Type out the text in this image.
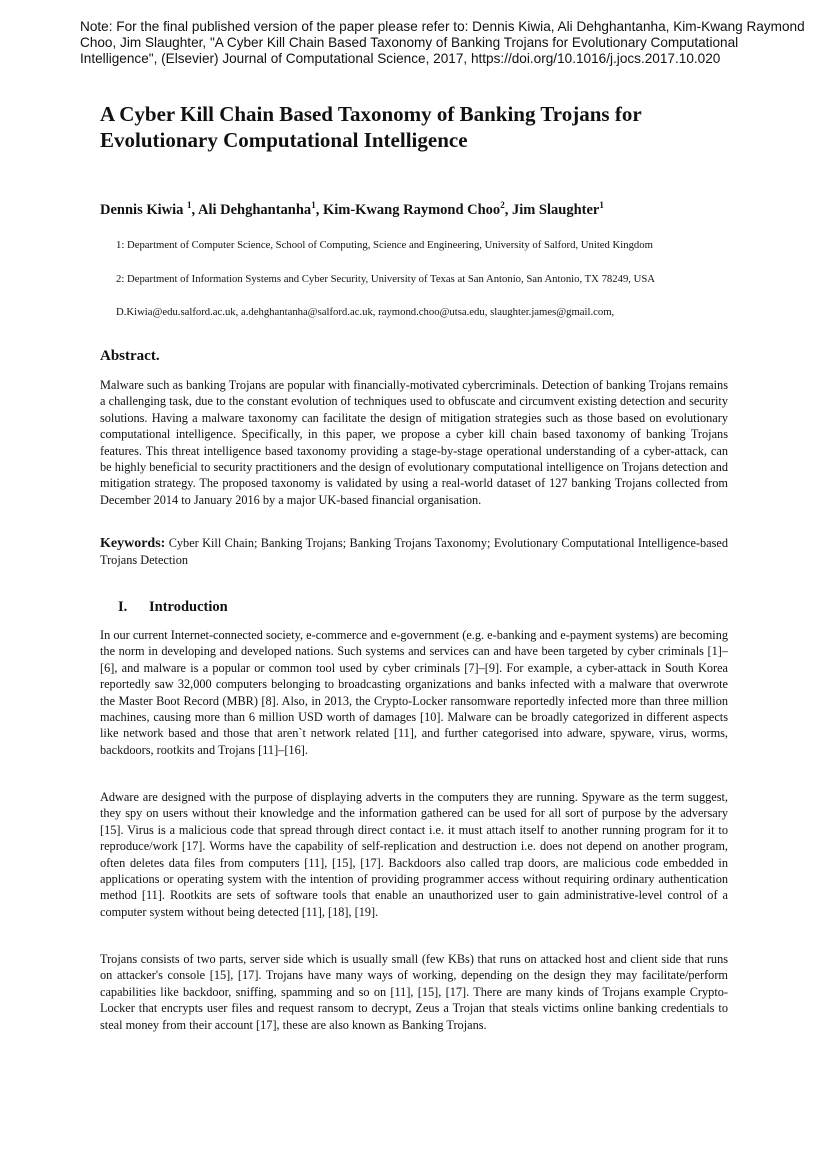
Note: For the final published version of the paper please refer to: Dennis Kiwia, Ali Dehghantanha, Kim-Kwang Raymond
Choo, Jim Slaughter, "A Cyber Kill Chain Based Taxonomy of Banking Trojans for Evolutionary Computational
Intelligence", (Elsevier) Journal of Computational Science, 2017, https://doi.org/10.1016/j.jocs.2017.10.020
A Cyber Kill Chain Based Taxonomy of Banking Trojans for Evolutionary Computational Intelligence
Dennis Kiwia $^1$, Ali Dehghantanha$^1$, Kim-Kwang Raymond Choo$^2$, Jim Slaughter$^1$
1: Department of Computer Science, School of Computing, Science and Engineering, University of Salford, United Kingdom
2: Department of Information Systems and Cyber Security, University of Texas at San Antonio, San Antonio, TX 78249, USA
D.Kiwia@edu.salford.ac.uk, a.dehghantanha@salford.ac.uk, raymond.choo@utsa.edu, slaughter.james@gmail.com,
Abstract.

Malware such as banking Trojans are popular with financially-motivated cybercriminals. Detection of banking Trojans remains a challenging task, due to the constant evolution of techniques used to obfuscate and circumvent existing detection and security solutions. Having a malware taxonomy can facilitate the design of mitigation strategies such as those based on evolutionary computational intelligence. Specifically, in this paper, we propose a cyber kill chain based taxonomy of banking Trojans features. This threat intelligence based taxonomy providing a stage-by-stage operational understanding of a cyber-attack, can be highly beneficial to security practitioners and the design of evolutionary computational intelligence on Trojans detection and mitigation strategy. The proposed taxonomy is validated by using a real-world dataset of 127 banking Trojans collected from December 2014 to January 2016 by a major UK-based financial organisation.

Keywords: Cyber Kill Chain; Banking Trojans; Banking Trojans Taxonomy; Evolutionary Computational Intelligence-based Trojans Detection

I. Introduction

In our current Internet-connected society, e-commerce and e-government (e.g. e-banking and e-payment systems) are becoming the norm in developing and developed nations. Such systems and services can and have been targeted by cyber criminals [1]–[6], and malware is a popular or common tool used by cyber criminals [7]–[9]. For example, a cyber-attack in South Korea reportedly saw 32,000 computers belonging to broadcasting organizations and banks infected with a malware that overwrote the Master Boot Record (MBR) [8]. Also, in 2013, the Crypto-Locker ransomware reportedly infected more than three million machines, causing more than 6 million USD worth of damages [10]. Malware can be broadly categorized in different aspects like network based and those that aren`t network related [11], and further categorised into adware, spyware, virus, worms, backdoors, rootkits and Trojans [11]–[16].

Adware are designed with the purpose of displaying adverts in the computers they are running. Spyware as the term suggest, they spy on users without their knowledge and the information gathered can be used for all sort of purpose by the adversary [15]. Virus is a malicious code that spread through direct contact i.e. it must attach itself to another running program for it to reproduce/work [17]. Worms have the capability of self-replication and destruction i.e. does not depend on another program, often deletes data files from computers [11], [15], [17]. Backdoors also called trap doors, are malicious code embedded in applications or operating system with the intention of providing programmer access without requiring ordinary authentication method [11]. Rootkits are sets of software tools that enable an unauthorized user to gain administrative-level control of a computer system without being detected [11], [18], [19].

Trojans consists of two parts, server side which is usually small (few KBs) that runs on attacked host and client side that runs on attacker's console [15], [17]. Trojans have many ways of working, depending on the design they may facilitate/perform capabilities like backdoor, sniffing, spamming and so on [11], [15], [17]. There are many kinds of Trojans example Crypto-Locker that encrypts user files and request ransom to decrypt, Zeus a Trojan that steals victims online banking credentials to steal money from their account [17], these are also known as Banking Trojans.
